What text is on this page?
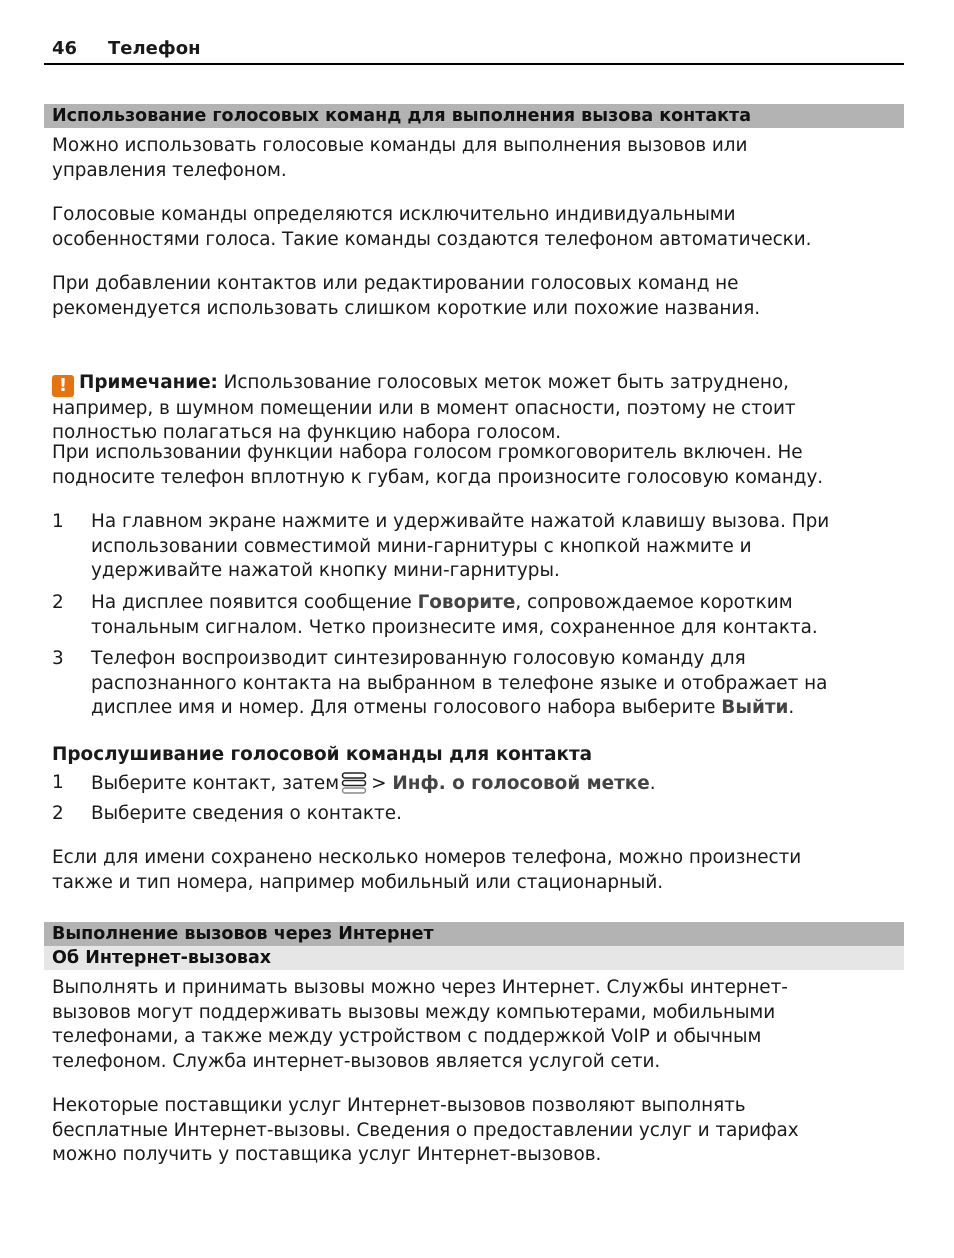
46 Телефон
Использование голосовых команд для выполнения вызова контакта
Можно использовать голосовые команды для выполнения вызовов или
управления телефоном.
Голосовые команды определяются исключительно индивидуальными
особенностями голоса. Такие команды создаются телефоном автоматически.
При добавлении контактов или редактировании голосовых команд не
рекомендуется использовать слишком короткие или похожие названия.

! Примечание: Использование голосовых меток может быть затруднено,
например, в шумном помещении или в момент опасности, поэтому не стоит
полностью полагаться на функцию набора голосом.

При использовании функции набора голосом громкоговоритель включен. Не
подносите телефон вплотную к губам, когда произносите голосовую команду.
1 На главном экране нажмите и удерживайте нажатой клавишу вызова. При
использовании совместимой мини-гарнитуры с кнопкой нажмите и
удерживайте нажатой кнопку мини-гарнитуры.
2 На дисплее появится сообщение Говорите, сопровождаемое коротким
тональным сигналом. Четко произнесите имя, сохраненное для контакта.
3 Телефон воспроизводит синтезированную голосовую команду для
распознанного контакта на выбранном в телефоне языке и отображает на
дисплее имя и номер. Для отмены голосового набора выберите Выйти.
Прослушивание голосовой команды для контакта
1 Выберите контакт, затем > Инф. о голосовой метке.
2 Выберите сведения о контакте.
Если для имени сохранено несколько номеров телефона, можно произнести
также и тип номера, например мобильный или стационарный.
Выполнение вызовов через Интернет
Об Интернет-вызовах
Выполнять и принимать вызовы можно через Интернет. Службы интернет-
вызовов могут поддерживать вызовы между компьютерами, мобильными
телефонами, а также между устройством с поддержкой VoIP и обычным
телефоном. Служба интернет-вызовов является услугой сети.
Некоторые поставщики услуг Интернет-вызовов позволяют выполнять
бесплатные Интернет-вызовы. Сведения о предоставлении услуг и тарифах
можно получить у поставщика услуг Интернет-вызовов.
